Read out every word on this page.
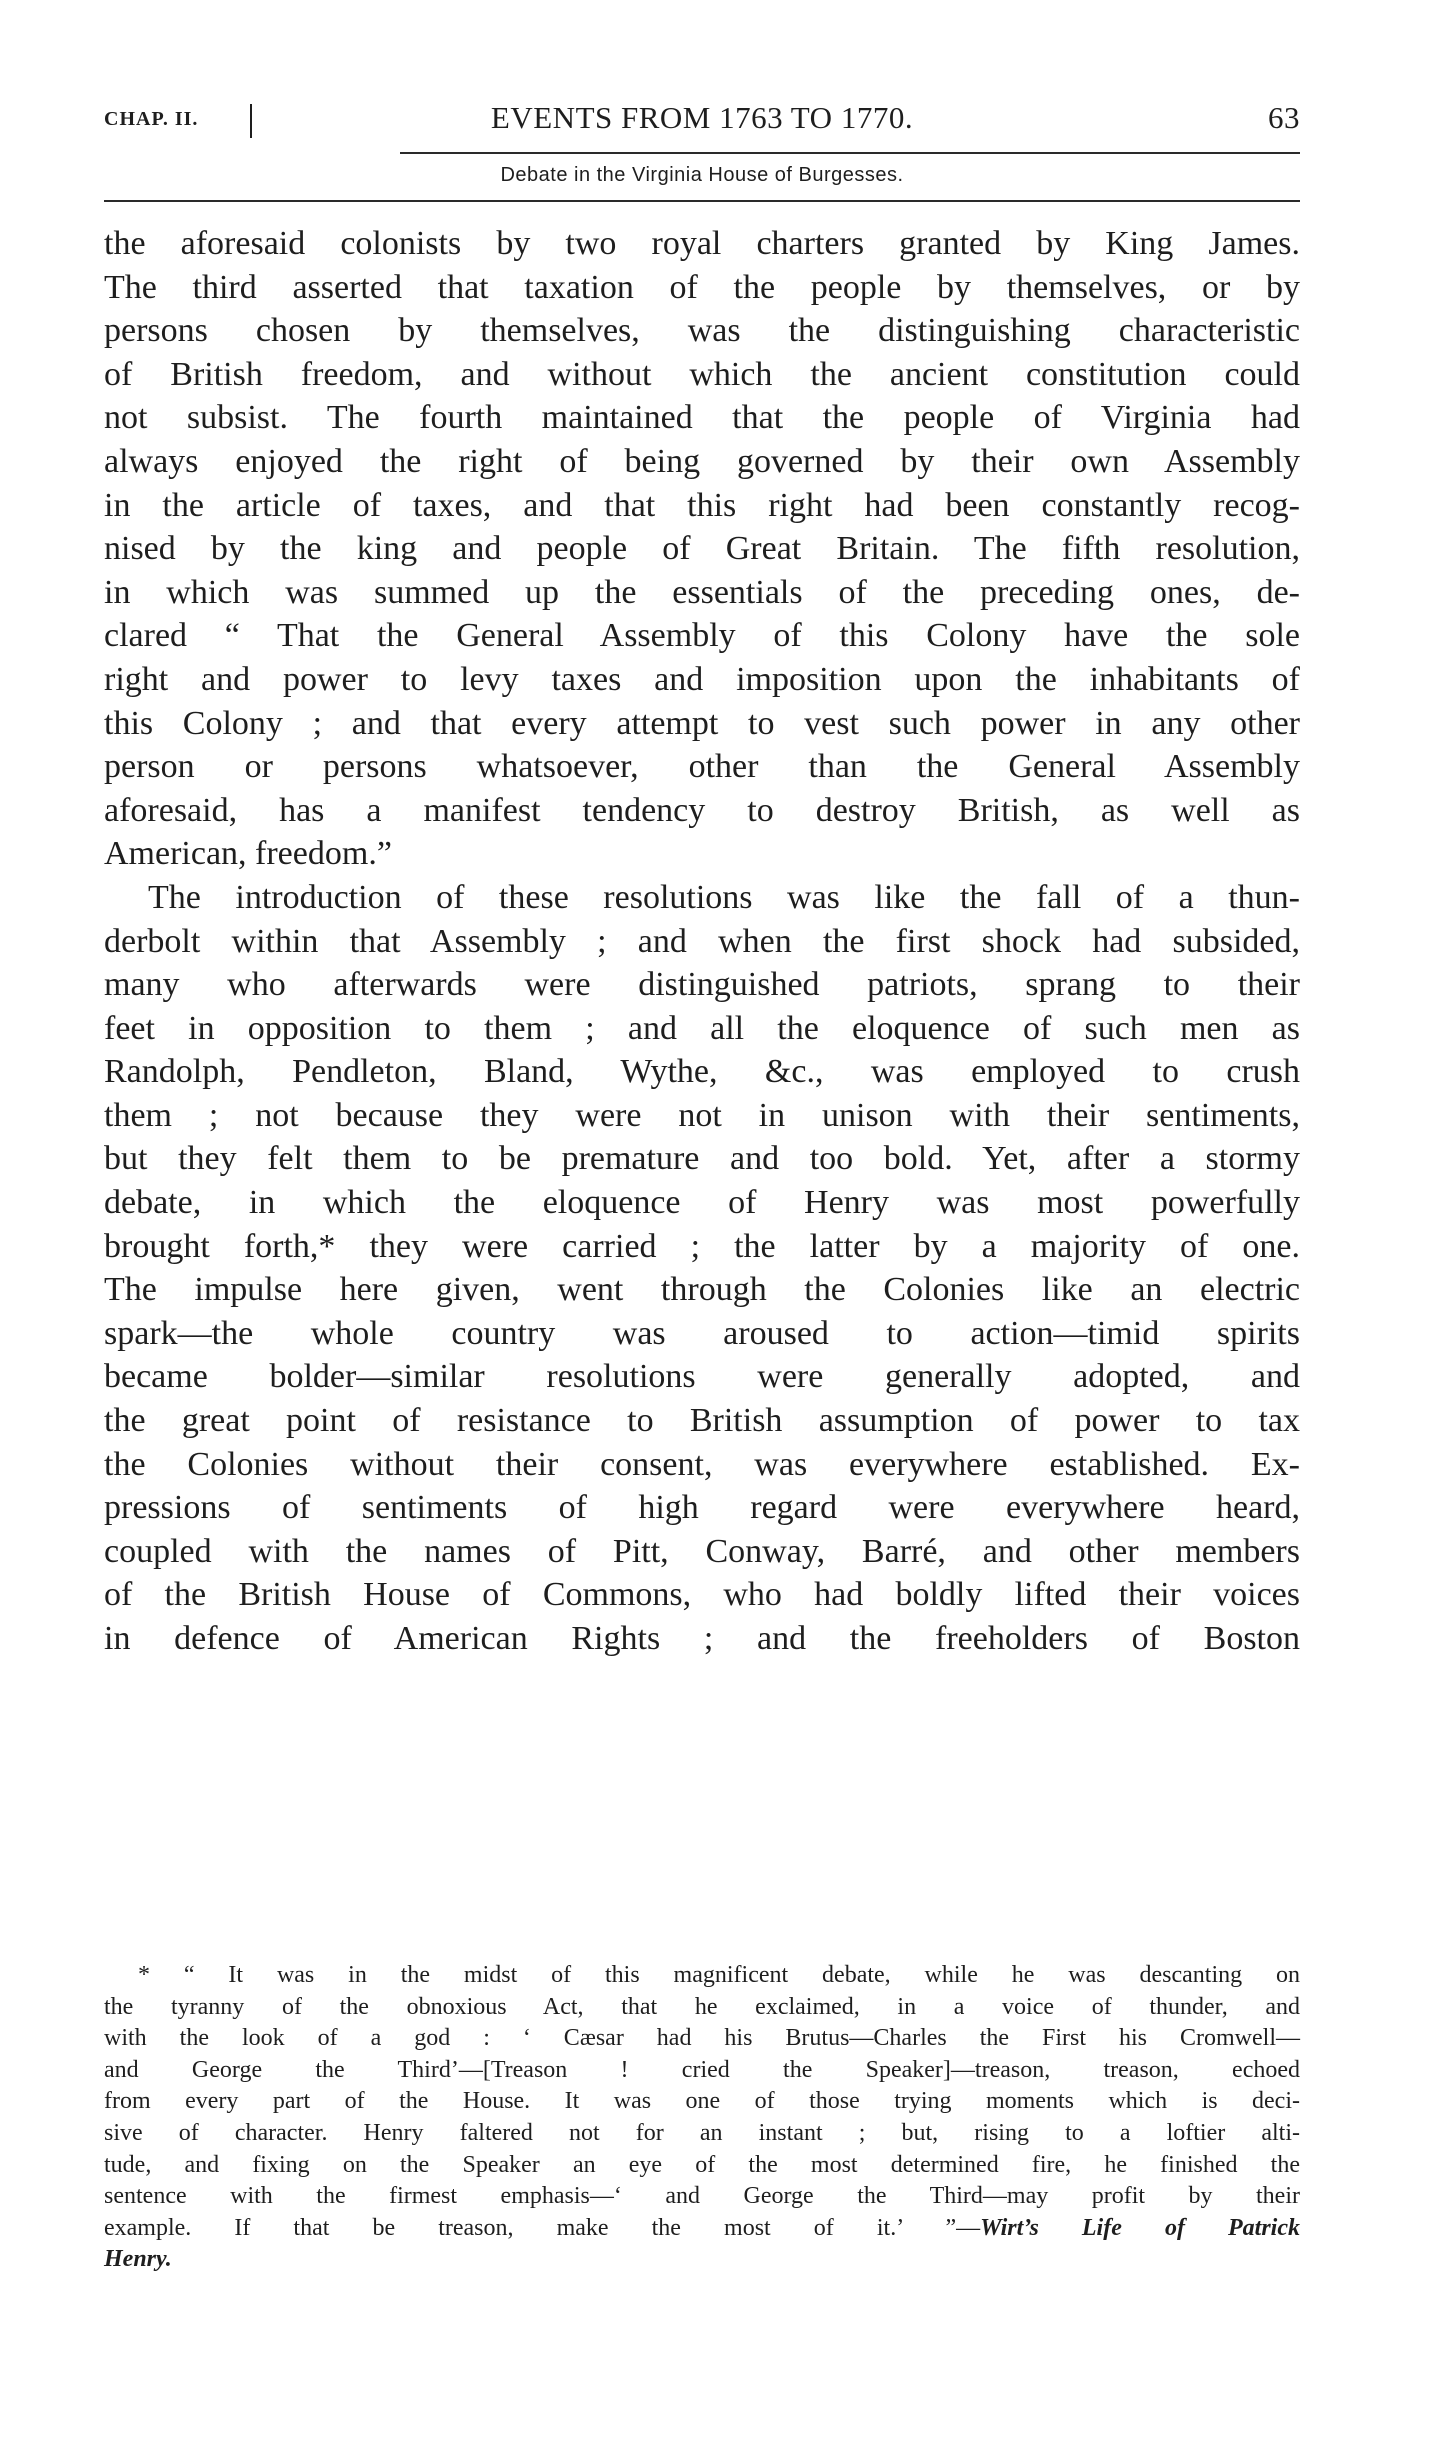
CHAP. II.	EVENTS FROM 1763 TO 1770.	63
Debate in the Virginia House of Burgesses.
the aforesaid colonists by two royal charters granted by King James.
The third asserted that taxation of the people by themselves, or by
persons chosen by themselves, was the distinguishing characteristic
of British freedom, and without which the ancient constitution could
not subsist. The fourth maintained that the people of Virginia had
always enjoyed the right of being governed by their own Assembly
in the article of taxes, and that this right had been constantly recog-
nised by the king and people of Great Britain. The fifth resolution,
in which was summed up the essentials of the preceding ones, de-
clared “ That the General Assembly of this Colony have the sole
right and power to levy taxes and imposition upon the inhabitants of
this Colony ; and that every attempt to vest such power in any other
person or persons whatsoever, other than the General Assembly
aforesaid, has a manifest tendency to destroy British, as well as
American, freedom.”
The introduction of these resolutions was like the fall of a thun-
derbolt within that Assembly ; and when the first shock had subsided,
many who afterwards were distinguished patriots, sprang to their
feet in opposition to them ; and all the eloquence of such men as
Randolph, Pendleton, Bland, Wythe, &c., was employed to crush
them ; not because they were not in unison with their sentiments,
but they felt them to be premature and too bold. Yet, after a stormy
debate, in which the eloquence of Henry was most powerfully
brought forth,* they were carried ; the latter by a majority of one.
The impulse here given, went through the Colonies like an electric
spark—the whole country was aroused to action—timid spirits
became bolder—similar resolutions were generally adopted, and
the great point of resistance to British assumption of power to tax
the Colonies without their consent, was everywhere established. Ex-
pressions of sentiments of high regard were everywhere heard,
coupled with the names of Pitt, Conway, Barré, and other members
of the British House of Commons, who had boldly lifted their voices
in defence of American Rights ; and the freeholders of Boston
* “ It was in the midst of this magnificent debate, while he was descanting on
the tyranny of the obnoxious Act, that he exclaimed, in a voice of thunder, and
with the look of a god : ‘ Cæsar had his Brutus—Charles the First his Cromwell—
and George the Third’—[Treason ! cried the Speaker]—treason, treason, echoed
from every part of the House. It was one of those trying moments which is deci-
sive of character. Henry faltered not for an instant ; but, rising to a loftier alti-
tude, and fixing on the Speaker an eye of the most determined fire, he finished the
sentence with the firmest emphasis—‘ and George the Third—may profit by their
example. If that be treason, make the most of it.’ ”—Wirt’s Life of Patrick
Henry.
